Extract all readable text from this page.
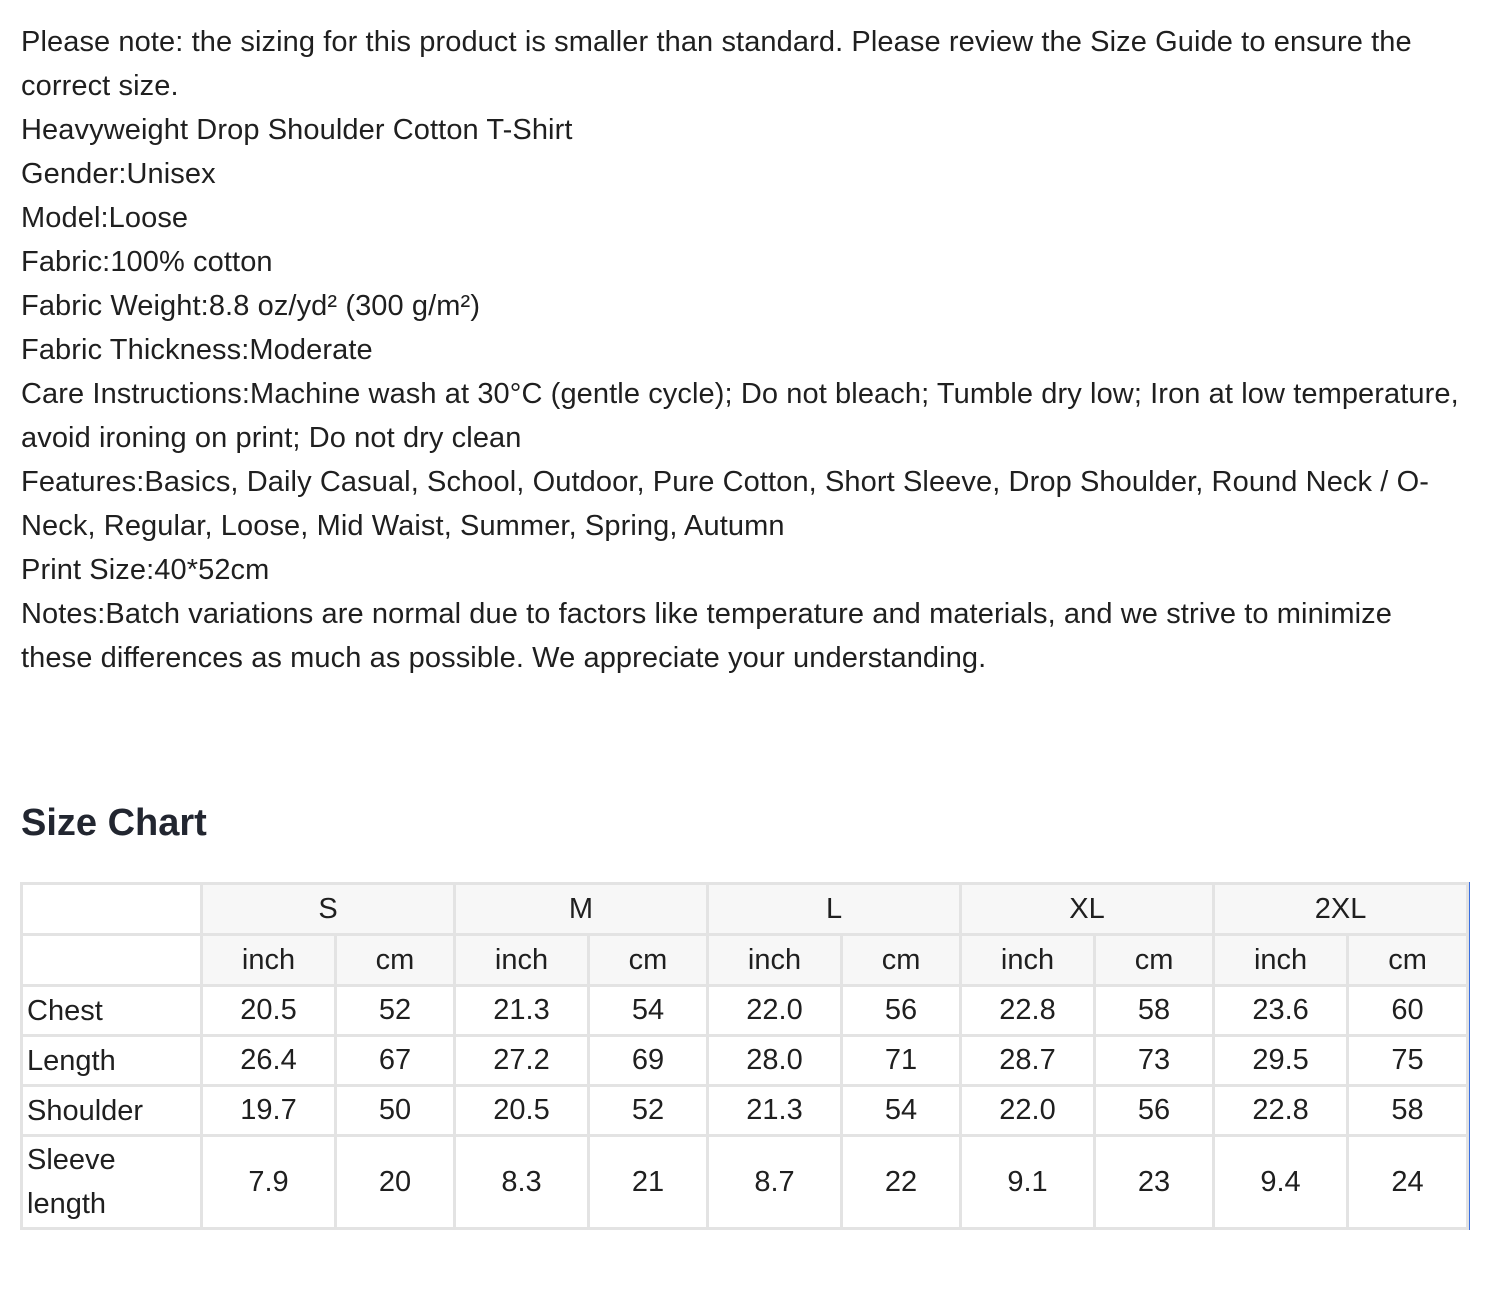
Please note: the sizing for this product is smaller than standard. Please review the Size Guide to ensure the correct size.

Heavyweight Drop Shoulder Cotton T-Shirt

Gender:Unisex

Model:Loose

Fabric:100% cotton

Fabric Weight:8.8 oz/yd² (300 g/m²)

Fabric Thickness:Moderate

Care Instructions:Machine wash at 30°C (gentle cycle); Do not bleach; Tumble dry low; Iron at low temperature, avoid ironing on print; Do not dry clean

Features:Basics, Daily Casual, School, Outdoor, Pure Cotton, Short Sleeve, Drop Shoulder, Round Neck / O-Neck, Regular, Loose, Mid Waist, Summer, Spring, Autumn

Print Size:40*52cm

Notes:Batch variations are normal due to factors like temperature and materials, and we strive to minimize these differences as much as possible. We appreciate your understanding.

Size Chart
	S		M		L		XL		2XL	
	inch	cm	inch	cm	inch	cm	inch	cm	inch	cm
Chest	20.5	52	21.3	54	22.0	56	22.8	58	23.6	60
Length	26.4	67	27.2	69	28.0	71	28.7	73	29.5	75
Shoulder	19.7	50	20.5	52	21.3	54	22.0	56	22.8	58
Sleeve length	7.9	20	8.3	21	8.7	22	9.1	23	9.4	24
